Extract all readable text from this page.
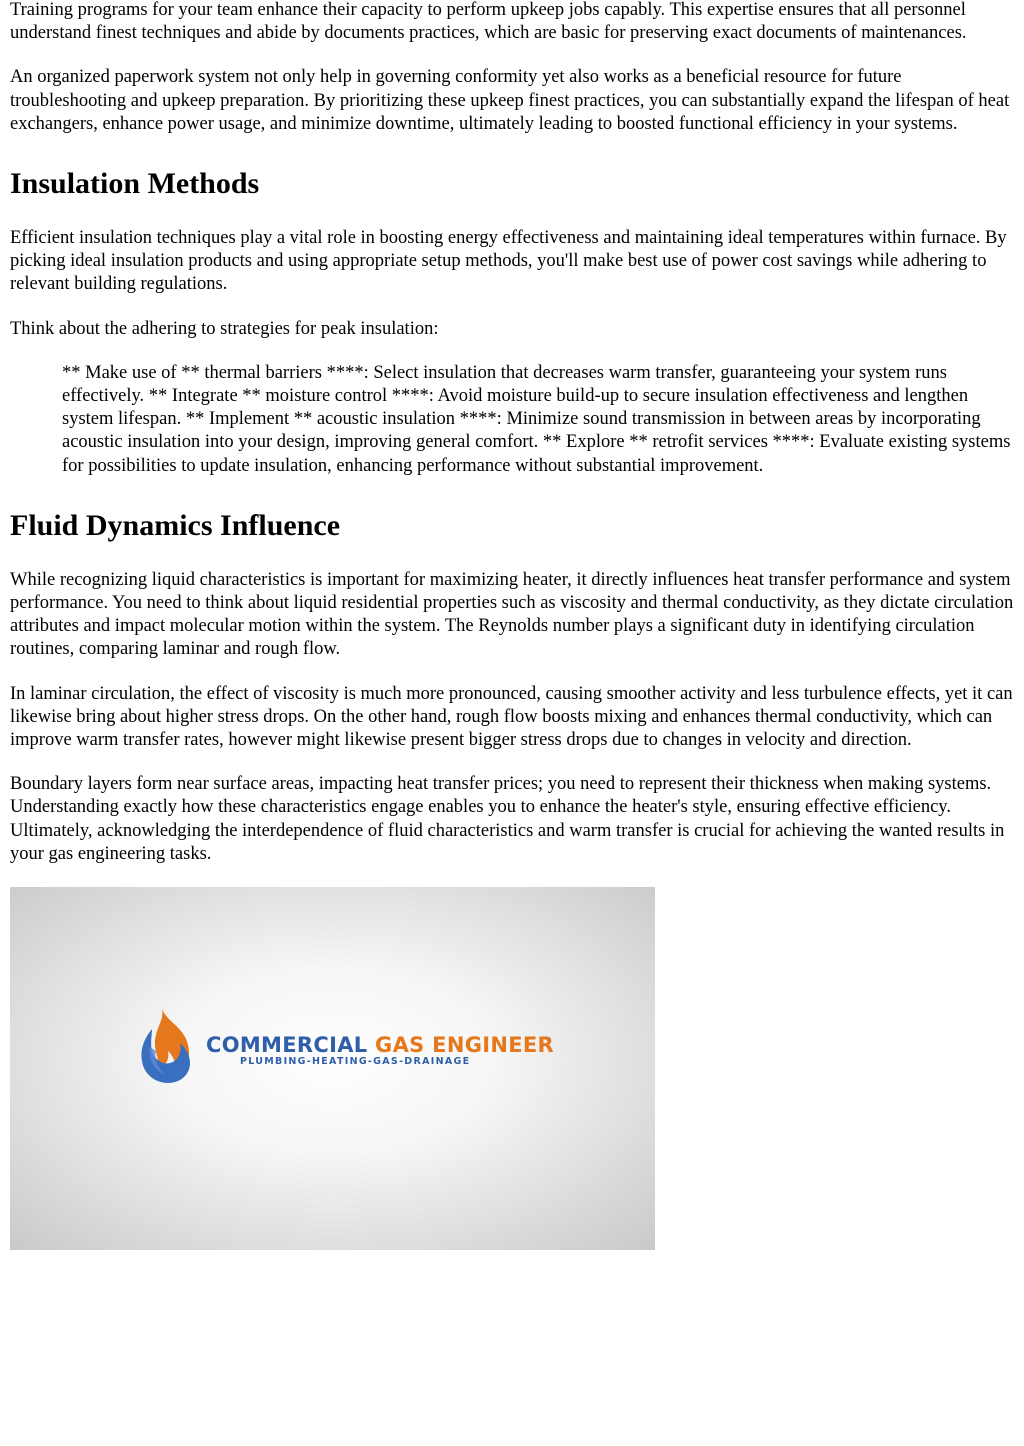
Training programs for your team enhance their capacity to perform upkeep jobs capably. This expertise ensures that all personnel understand finest techniques and abide by documents practices, which are basic for preserving exact documents of maintenances.

An organized paperwork system not only help in governing conformity yet also works as a beneficial resource for future troubleshooting and upkeep preparation. By prioritizing these upkeep finest practices, you can substantially expand the lifespan of heat exchangers, enhance power usage, and minimize downtime, ultimately leading to boosted functional efficiency in your systems.

Insulation Methods

Efficient insulation techniques play a vital role in boosting energy effectiveness and maintaining ideal temperatures within furnace. By picking ideal insulation products and using appropriate setup methods, you'll make best use of power cost savings while adhering to relevant building regulations.

Think about the adhering to strategies for peak insulation:

** Make use of ** thermal barriers ****: Select insulation that decreases warm transfer, guaranteeing your system runs effectively. ** Integrate ** moisture control ****: Avoid moisture build-up to secure insulation effectiveness and lengthen system lifespan. ** Implement ** acoustic insulation ****: Minimize sound transmission in between areas by incorporating acoustic insulation into your design, improving general comfort. ** Explore ** retrofit services ****: Evaluate existing systems for possibilities to update insulation, enhancing performance without substantial improvement.
Fluid Dynamics Influence

While recognizing liquid characteristics is important for maximizing heater, it directly influences heat transfer performance and system performance. You need to think about liquid residential properties such as viscosity and thermal conductivity, as they dictate circulation attributes and impact molecular motion within the system. The Reynolds number plays a significant duty in identifying circulation routines, comparing laminar and rough flow.

In laminar circulation, the effect of viscosity is much more pronounced, causing smoother activity and less turbulence effects, yet it can likewise bring about higher stress drops. On the other hand, rough flow boosts mixing and enhances thermal conductivity, which can improve warm transfer rates, however might likewise present bigger stress drops due to changes in velocity and direction.

Boundary layers form near surface areas, impacting heat transfer prices; you need to represent their thickness when making systems. Understanding exactly how these characteristics engage enables you to enhance the heater's style, ensuring effective efficiency. Ultimately, acknowledging the interdependence of fluid characteristics and warm transfer is crucial for achieving the wanted results in your gas engineering tasks.

COMMERCIAL GAS ENGINEER
PLUMBING-HEATING-GAS-DRAINAGE
